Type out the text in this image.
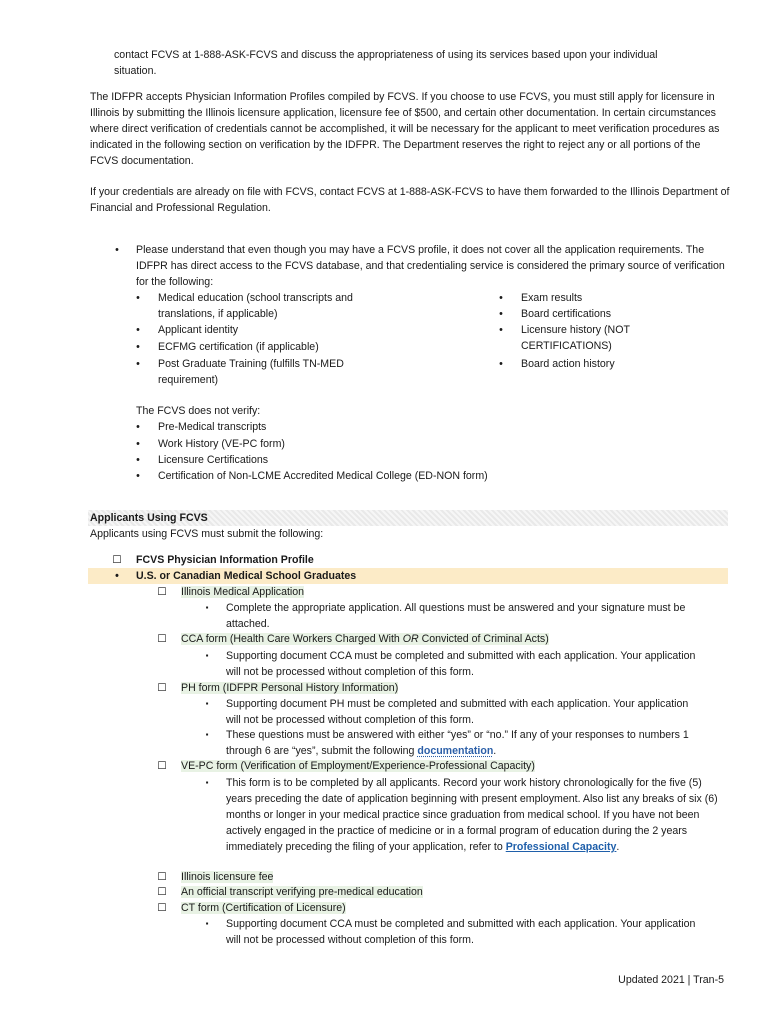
contact FCVS at 1-888-ASK-FCVS and discuss the appropriateness of using its services based upon your individual
situation.
The IDFPR accepts Physician Information Profiles compiled by FCVS. If you choose to use FCVS, you must still apply for licensure in Illinois by submitting the Illinois licensure application, licensure fee of $500, and certain other documentation. In certain circumstances where direct verification of credentials cannot be accomplished, it will be necessary for the applicant to meet verification procedures as indicated in the following section on verification by the IDFPR. The Department reserves the right to reject any or all portions of the FCVS documentation.
If your credentials are already on file with FCVS, contact FCVS at 1-888-ASK-FCVS to have them forwarded to the Illinois Department of Financial and Professional Regulation.
•	Please understand that even though you may have a FCVS profile, it does not cover all the application requirements. The IDFPR has direct access to the FCVS database, and that credentialing service is considered the primary source of verification for the following:
•	Medical education (school transcripts and translations, if applicable)
•	Applicant identity
•	ECFMG certification (if applicable)
•	Post Graduate Training (fulfills TN-MED requirement)
•	Exam results
•	Board certifications
•	Licensure history (NOT CERTIFICATIONS)
•	Board action history
The FCVS does not verify:
•	Pre-Medical transcripts
•	Work History (VE-PC form)
•	Licensure Certifications
•	Certification of Non-LCME Accredited Medical College (ED-NON form)
Applicants Using FCVS
Applicants using FCVS must submit the following:
☐ FCVS Physician Information Profile
•	U.S. or Canadian Medical School Graduates
☐ Illinois Medical Application
▪	Complete the appropriate application. All questions must be answered and your signature must be attached.
☐ CCA form (Health Care Workers Charged With OR Convicted of Criminal Acts)
▪	Supporting document CCA must be completed and submitted with each application. Your application will not be processed without completion of this form.
☐ PH form (IDFPR Personal History Information)
▪	Supporting document PH must be completed and submitted with each application. Your application will not be processed without completion of this form.
▪	These questions must be answered with either “yes” or “no.” If any of your responses to numbers 1 through 6 are “yes”, submit the following documentation.
☐ VE-PC form (Verification of Employment/Experience-Professional Capacity)
▪	This form is to be completed by all applicants. Record your work history chronologically for the five (5) years preceding the date of application beginning with present employment. Also list any breaks of six (6) months or longer in your medical practice since graduation from medical school. If you have not been actively engaged in the practice of medicine or in a formal program of education during the 2 years immediately preceding the filing of your application, refer to Professional Capacity.
☐ Illinois licensure fee
☐ An official transcript verifying pre-medical education
☐ CT form (Certification of Licensure)
▪	Supporting document CCA must be completed and submitted with each application. Your application will not be processed without completion of this form.
Updated 2021 | Tran-5
